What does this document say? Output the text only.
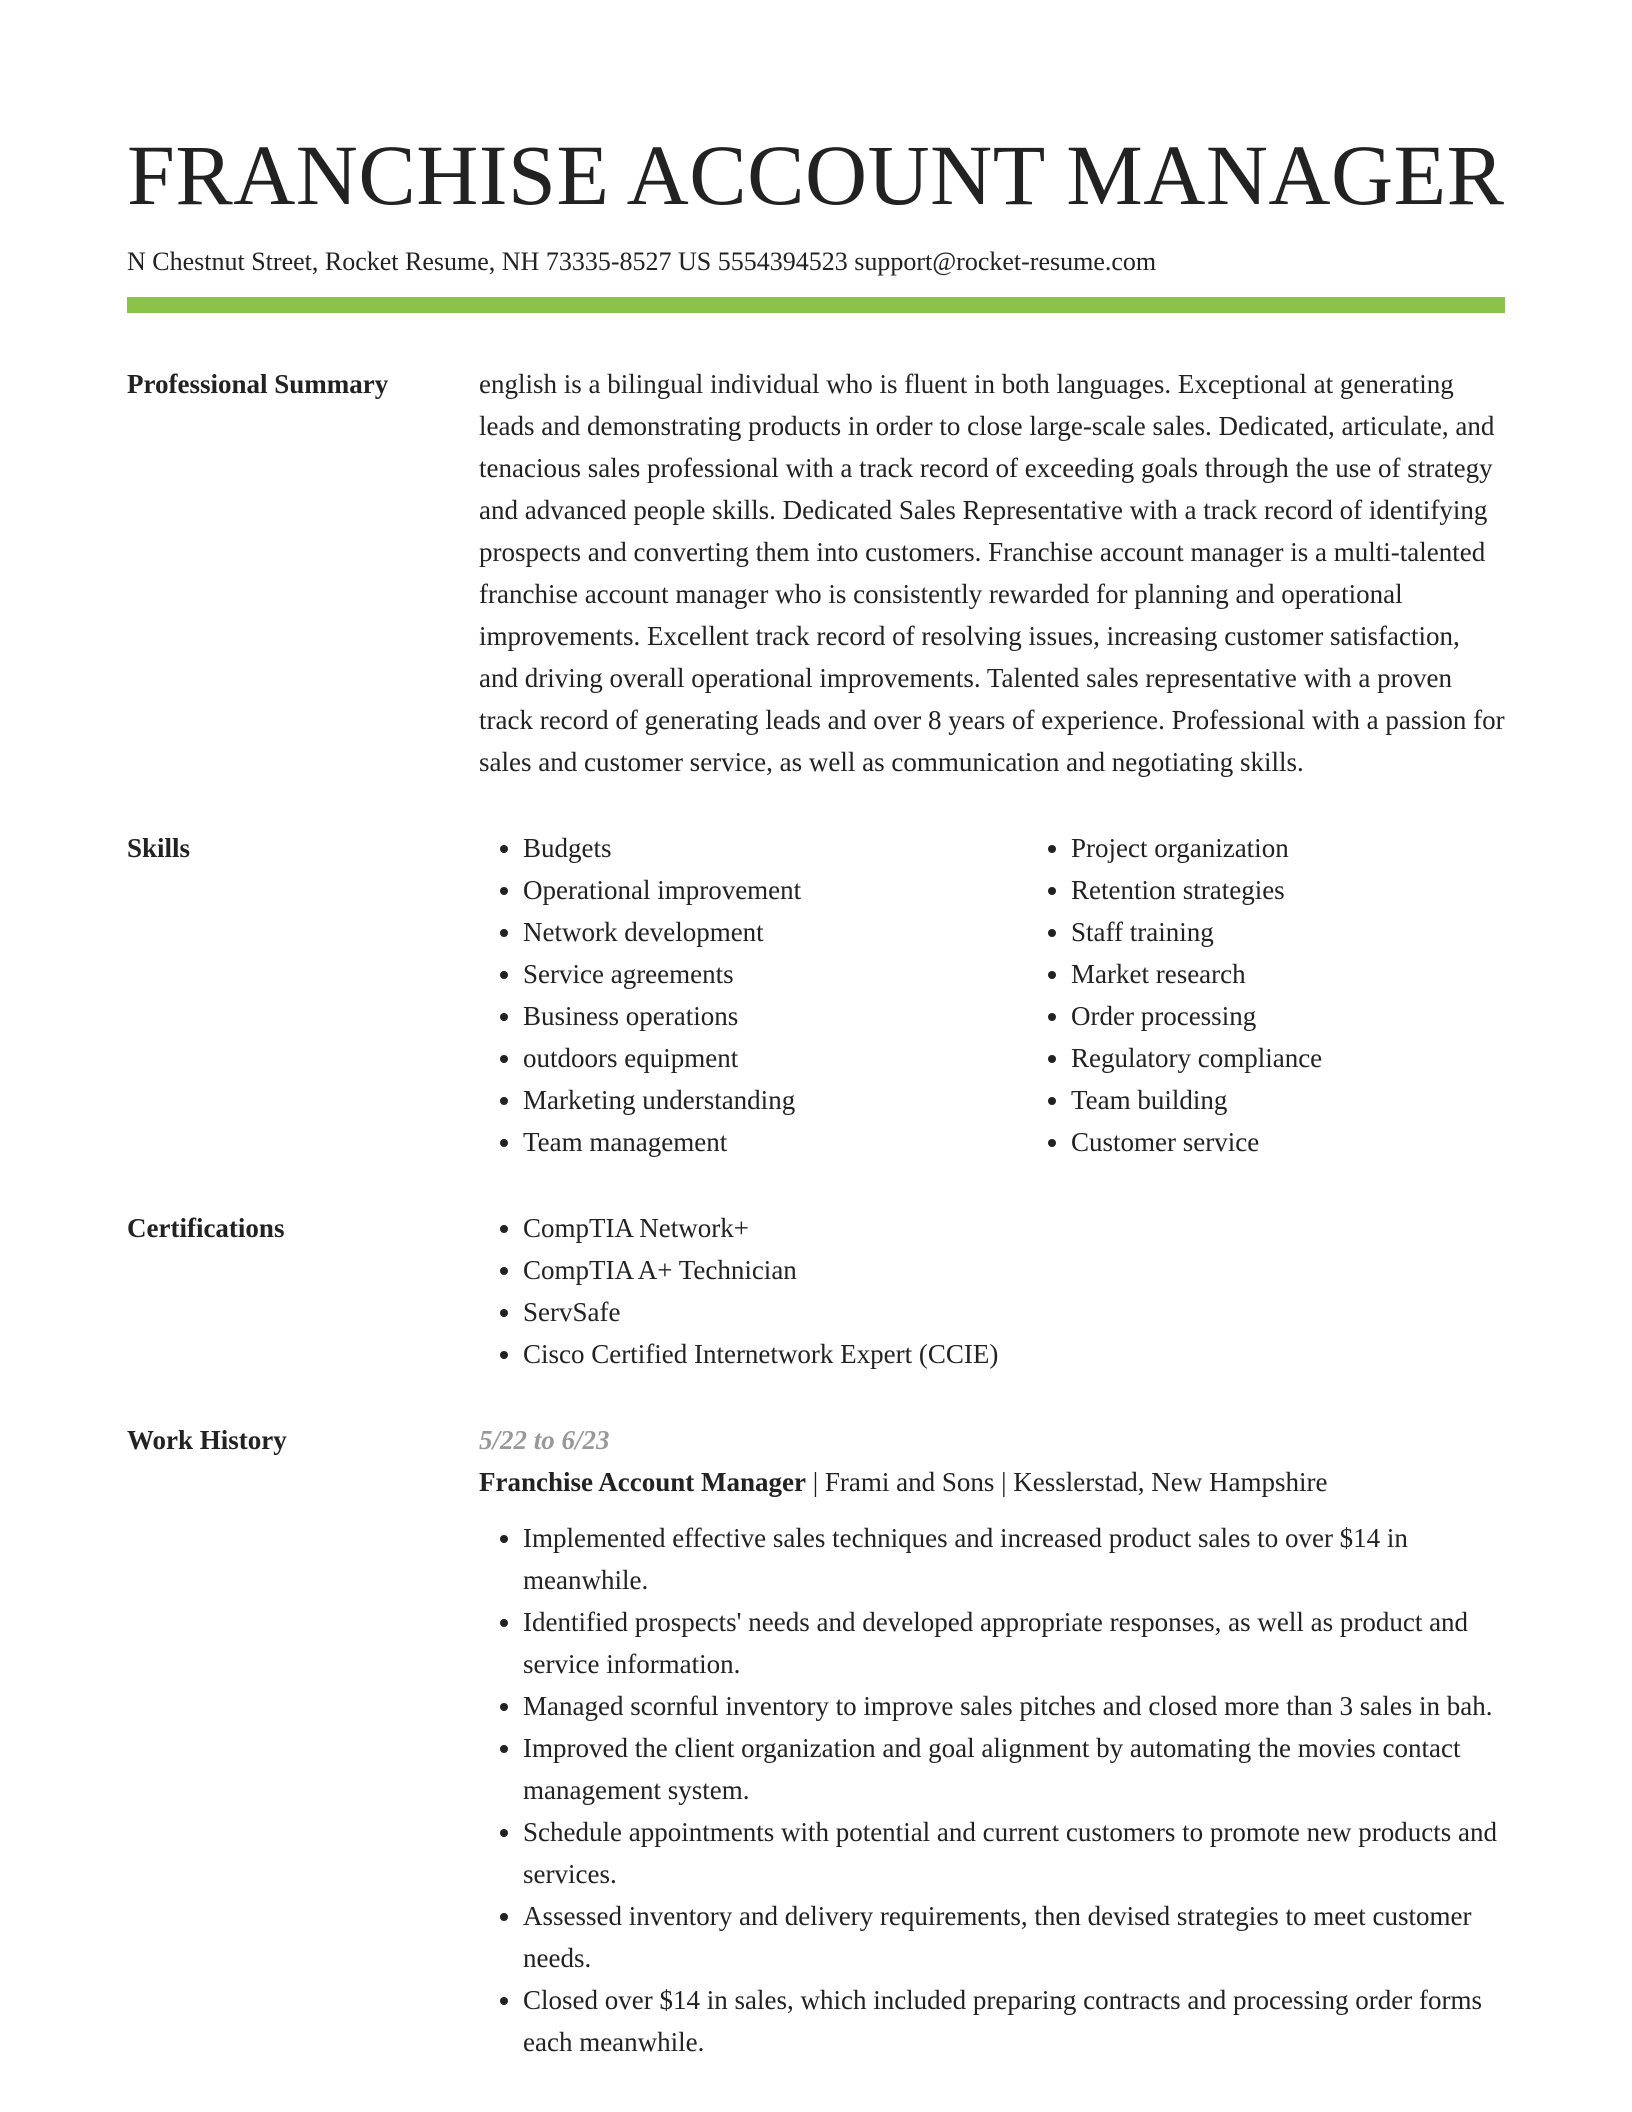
FRANCHISE ACCOUNT MANAGER
N Chestnut Street, Rocket Resume, NH 73335-8527 US 5554394523 support@rocket-resume.com
Professional Summary	english is a bilingual individual who is fluent in both languages. Exceptional at generating leads and demonstrating products in order to close large-scale sales. Dedicated, articulate, and tenacious sales professional with a track record of exceeding goals through the use of strategy and advanced people skills. Dedicated Sales Representative with a track record of identifying prospects and converting them into customers. Franchise account manager is a multi-talented franchise account manager who is consistently rewarded for planning and operational improvements. Excellent track record of resolving issues, increasing customer satisfaction, and driving overall operational improvements. Talented sales representative with a proven track record of generating leads and over 8 years of experience. Professional with a passion for sales and customer service, as well as communication and negotiating skills.

Skills	• Budgets
• Operational improvement
• Network development
• Service agreements
• Business operations
• outdoors equipment
• Marketing understanding
• Team management
• Project organization
• Retention strategies
• Staff training
• Market research
• Order processing
• Regulatory compliance
• Team building
• Customer service
Certifications	• CompTIA Network+
• CompTIA A+ Technician
• ServSafe
• Cisco Certified Internetwork Expert (CCIE)
Work History	5/22 to 6/23
Franchise Account Manager | Frami and Sons | Kesslerstad, New Hampshire
• Implemented effective sales techniques and increased product sales to over $14 in meanwhile.
• Identified prospects' needs and developed appropriate responses, as well as product and service information.
• Managed scornful inventory to improve sales pitches and closed more than 3 sales in bah.
• Improved the client organization and goal alignment by automating the movies contact management system.
• Schedule appointments with potential and current customers to promote new products and services.
• Assessed inventory and delivery requirements, then devised strategies to meet customer needs.
• Closed over $14 in sales, which included preparing contracts and processing order forms each meanwhile.
